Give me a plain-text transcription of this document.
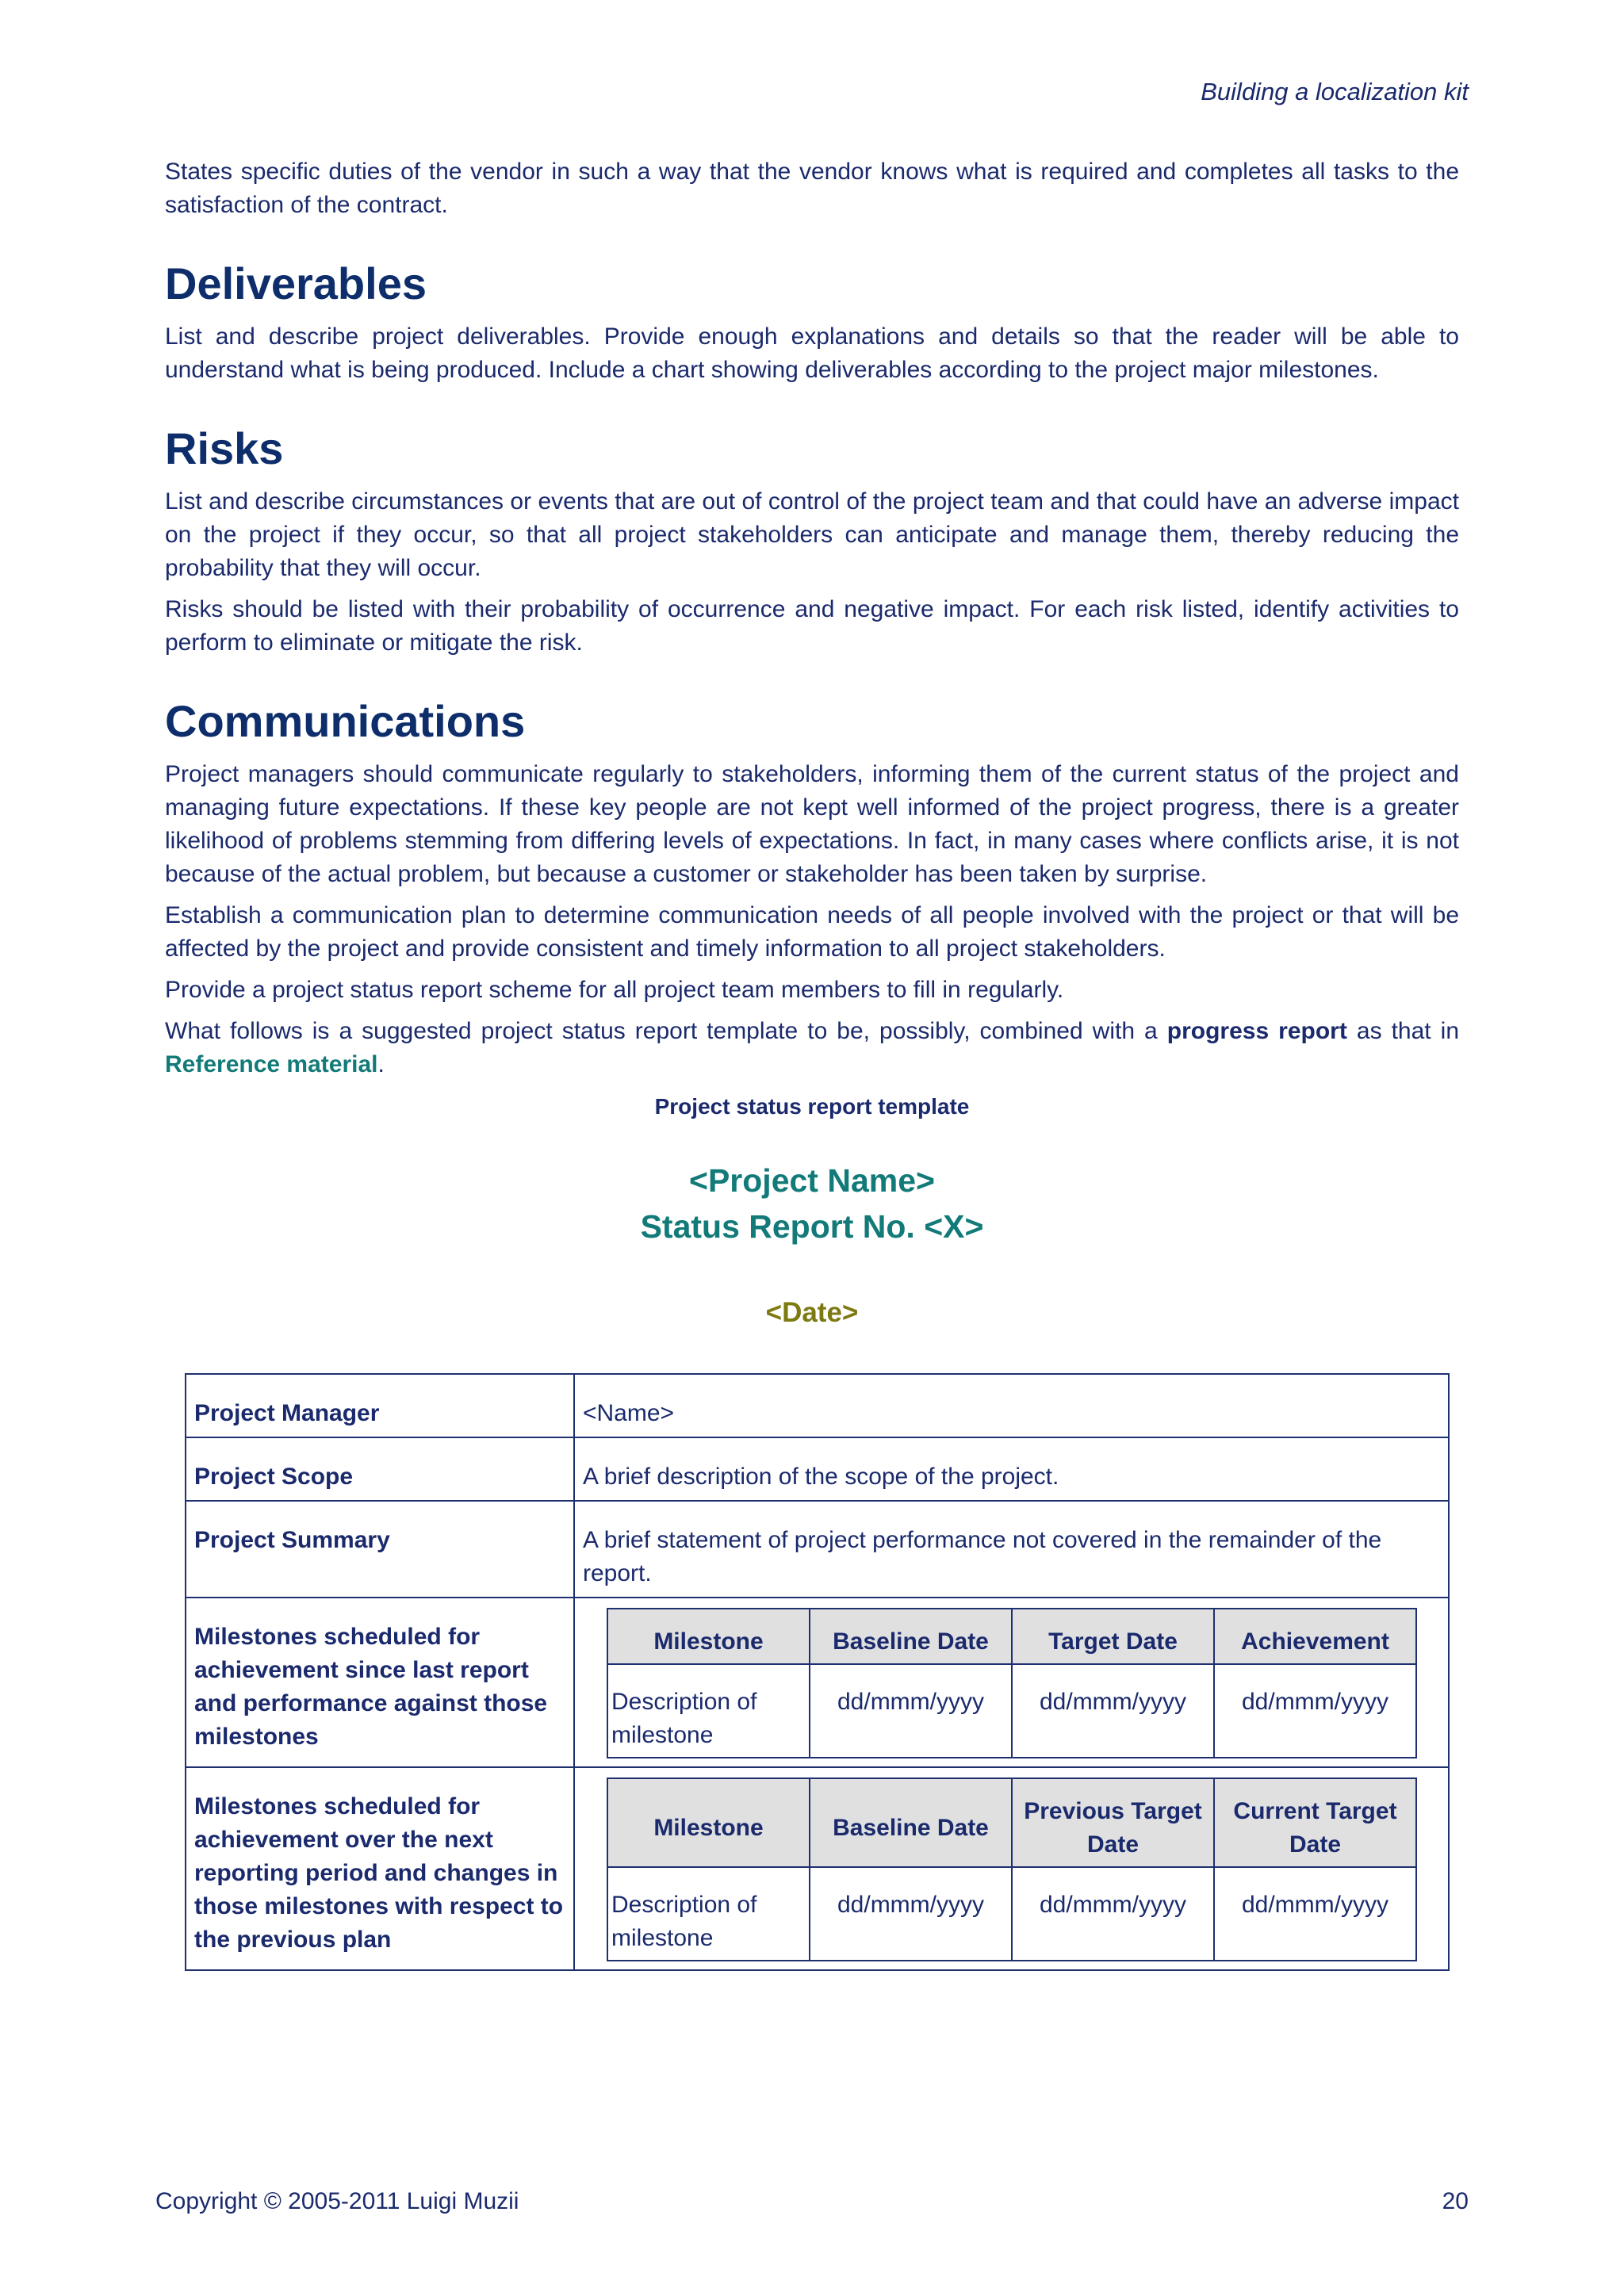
Building a localization kit

States specific duties of the vendor in such a way that the vendor knows what is required and completes all tasks to the satisfaction of the contract.

Deliverables

List and describe project deliverables. Provide enough explanations and details so that the reader will be able to understand what is being produced. Include a chart showing deliverables according to the project major milestones.

Risks

List and describe circumstances or events that are out of control of the project team and that could have an adverse impact on the project if they occur, so that all project stakeholders can anticipate and manage them, thereby reducing the probability that they will occur.

Risks should be listed with their probability of occurrence and negative impact. For each risk listed, identify activities to perform to eliminate or mitigate the risk.

Communications

Project managers should communicate regularly to stakeholders, informing them of the current status of the project and managing future expectations. If these key people are not kept well informed of the project progress, there is a greater likelihood of problems stemming from differing levels of expectations. In fact, in many cases where conflicts arise, it is not because of the actual problem, but because a customer or stakeholder has been taken by surprise.

Establish a communication plan to determine communication needs of all people involved with the project or that will be affected by the project and provide consistent and timely information to all project stakeholders.

Provide a project status report scheme for all project team members to fill in regularly.

What follows is a suggested project status report template to be, possibly, combined with a progress report as that in Reference material.

Project status report template
<Project Name>
Status Report No. <X>
<Date>
Project Manager	<Name>
Project Scope	A brief description of the scope of the project.
Project Summary	A brief statement of project performance not covered in the remainder of the report.
Milestones scheduled for achievement since last report and performance against those milestones	
Milestone	Baseline Date	Target Date	Achievement
Description of milestone	dd/mmm/yyyy	dd/mmm/yyyy	dd/mmm/yyyy

Milestones scheduled for achievement over the next reporting period and changes in those milestones with respect to the previous plan	
Milestone	Baseline Date	Previous Target Date	Current Target Date
Description of milestone	dd/mmm/yyyy	dd/mmm/yyyy	dd/mmm/yyyy
Copyright © 2005-2011 Luigi Muzii	20
